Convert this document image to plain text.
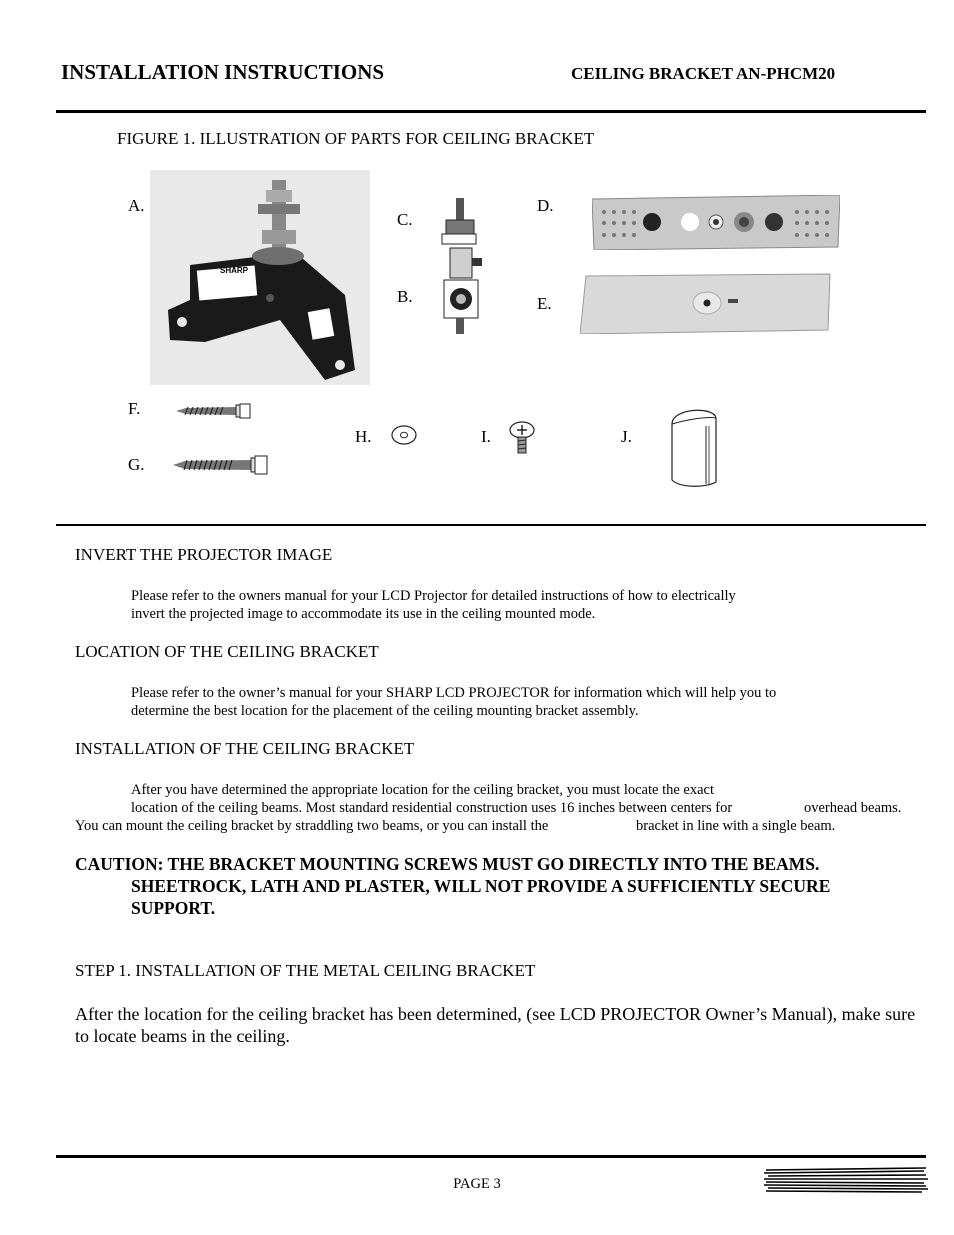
INSTALLATION INSTRUCTIONS	CEILING BRACKET AN-PHCM20
FIGURE 1. ILLUSTRATION OF PARTS FOR CEILING BRACKET
A.
C.
B.
D.
E.
F.
G.
H.	I.	J.
SHARP
INVERT THE PROJECTOR IMAGE
Please refer to the owners manual for your LCD Projector for detailed instructions of how to electrically
invert the projected image to accommodate its use in the ceiling mounted mode.
LOCATION OF THE CEILING BRACKET
Please refer to the owner’s manual for your SHARP LCD PROJECTOR for information which will help you to
determine the best location for the placement of the ceiling mounting bracket assembly.
INSTALLATION OF THE CEILING BRACKET
After you have determined the appropriate location for the ceiling bracket, you must locate the exact
location of the ceiling beams. Most standard residential construction uses 16 inches between centers for	overhead beams.
You can mount the ceiling bracket by straddling two beams, or you can install the	bracket in line with a single beam.
CAUTION: THE BRACKET MOUNTING SCREWS MUST GO DIRECTLY INTO THE BEAMS.
SHEETROCK, LATH AND PLASTER, WILL NOT PROVIDE A SUFFICIENTLY SECURE
SUPPORT.
STEP 1. INSTALLATION OF THE METAL CEILING BRACKET
After the location for the ceiling bracket has been determined, (see LCD PROJECTOR Owner’s Manual), make sure to locate beams in the ceiling.
PAGE 3
